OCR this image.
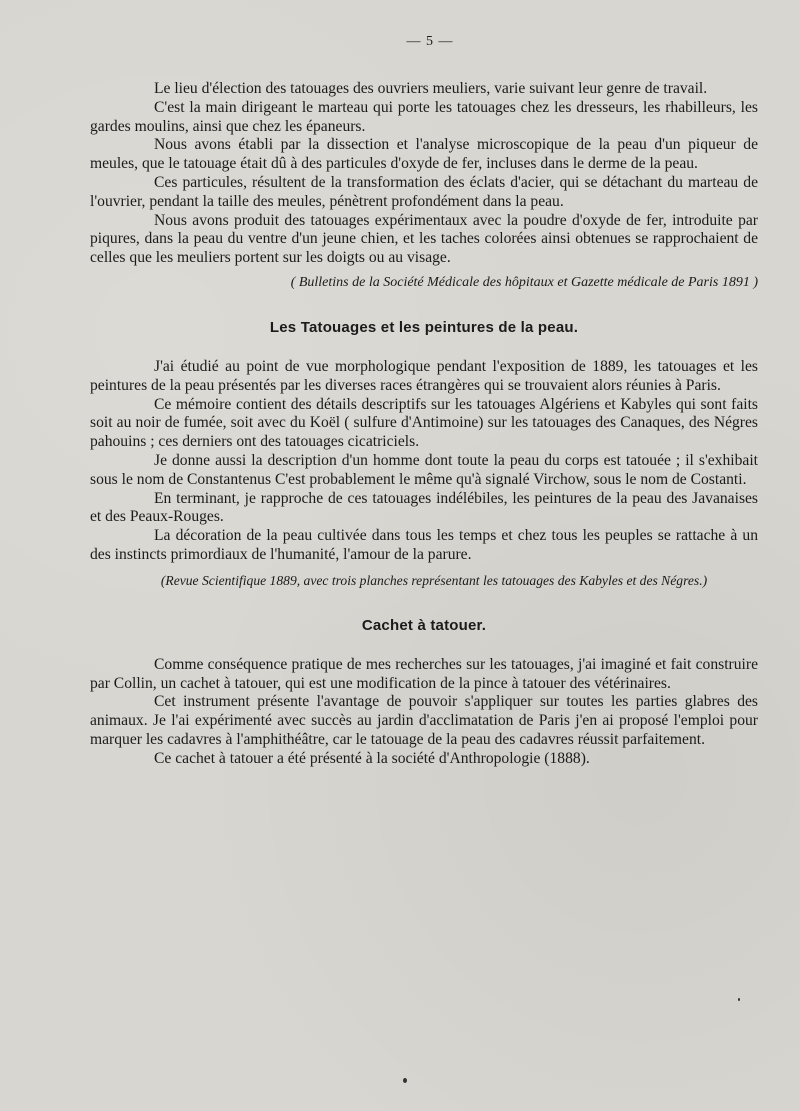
— 5 —

Le lieu d'élection des tatouages des ouvriers meuliers, varie suivant leur genre de travail.

C'est la main dirigeant le marteau qui porte les tatouages chez les dresseurs, les rhabilleurs, les gardes moulins, ainsi que chez les épaneurs.

Nous avons établi par la dissection et l'analyse microscopique de la peau d'un piqueur de meules, que le tatouage était dû à des particules d'oxyde de fer, incluses dans le derme de la peau.

Ces particules, résultent de la transformation des éclats d'acier, qui se détachant du marteau de l'ouvrier, pendant la taille des meules, pénètrent profondément dans la peau.

Nous avons produit des tatouages expérimentaux avec la poudre d'oxyde de fer, introduite par piqures, dans la peau du ventre d'un jeune chien, et les taches colorées ainsi obtenues se rapprochaient de celles que les meuliers portent sur les doigts ou au visage.

( Bulletins de la Société Médicale des hôpitaux et Gazette médicale de Paris 1891 )

Les Tatouages et les peintures de la peau.

J'ai étudié au point de vue morphologique pendant l'exposition de 1889, les tatouages et les peintures de la peau présentés par les diverses races étrangères qui se trouvaient alors réunies à Paris.

Ce mémoire contient des détails descriptifs sur les tatouages Algériens et Kabyles qui sont faits soit au noir de fumée, soit avec du Koël ( sulfure d'Antimoine) sur les tatouages des Canaques, des Négres pahouins ; ces derniers ont des tatouages cicatriciels.

Je donne aussi la description d'un homme dont toute la peau du corps est tatouée ; il s'exhibait sous le nom de Constantenus C'est probablement le même qu'à signalé Virchow, sous le nom de Costanti.

En terminant, je rapproche de ces tatouages indélébiles, les peintures de la peau des Javanaises et des Peaux-Rouges.

La décoration de la peau cultivée dans tous les temps et chez tous les peuples se rattache à un des instincts primordiaux de l'humanité, l'amour de la parure.

(Revue Scientifique 1889, avec trois planches représentant les tatouages des Kabyles et des Négres.)

Cachet à tatouer.

Comme conséquence pratique de mes recherches sur les tatouages, j'ai imaginé et fait construire par Collin, un cachet à tatouer, qui est une modification de la pince à tatouer des vétérinaires.

Cet instrument présente l'avantage de pouvoir s'appliquer sur toutes les parties glabres des animaux. Je l'ai expérimenté avec succès au jardin d'acclimatation de Paris j'en ai proposé l'emploi pour marquer les cadavres à l'amphithéâtre, car le tatouage de la peau des cadavres réussit parfaitement.

Ce cachet à tatouer a été présenté à la société d'Anthropologie (1888).
